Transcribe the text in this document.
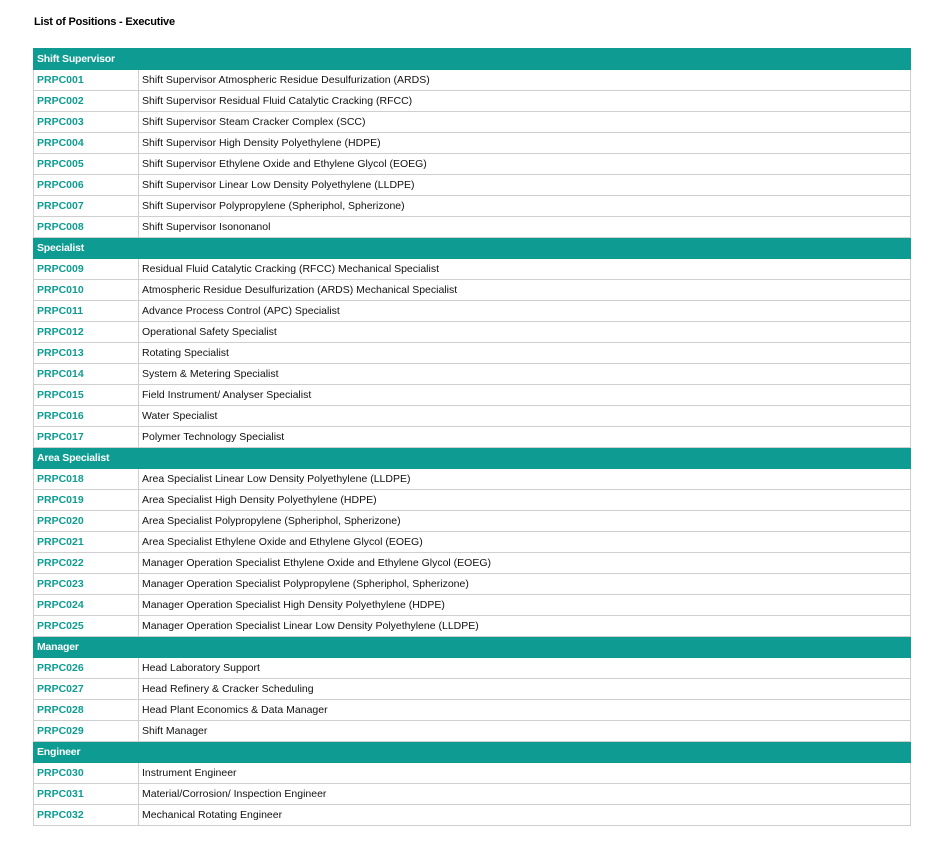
List of Positions - Executive
Shift Supervisor	
PRPC001	Shift Supervisor Atmospheric Residue Desulfurization (ARDS)
PRPC002	Shift Supervisor Residual Fluid Catalytic Cracking (RFCC)
PRPC003	Shift Supervisor Steam Cracker Complex (SCC)
PRPC004	Shift Supervisor High Density Polyethylene (HDPE)
PRPC005	Shift Supervisor Ethylene Oxide and Ethylene Glycol (EOEG)
PRPC006	Shift Supervisor Linear Low Density Polyethylene (LLDPE)
PRPC007	Shift Supervisor Polypropylene (Spheriphol, Spherizone)
PRPC008	Shift Supervisor Isononanol
Specialist	
PRPC009	Residual Fluid Catalytic Cracking (RFCC) Mechanical Specialist
PRPC010	Atmospheric Residue Desulfurization (ARDS) Mechanical Specialist
PRPC011	Advance Process Control (APC) Specialist
PRPC012	Operational Safety Specialist
PRPC013	Rotating Specialist
PRPC014	System & Metering Specialist
PRPC015	Field Instrument/ Analyser Specialist
PRPC016	Water Specialist
PRPC017	Polymer Technology Specialist
Area Specialist	
PRPC018	Area Specialist Linear Low Density Polyethylene (LLDPE)
PRPC019	Area Specialist High Density Polyethylene (HDPE)
PRPC020	Area Specialist Polypropylene (Spheriphol, Spherizone)
PRPC021	Area Specialist Ethylene Oxide and Ethylene Glycol (EOEG)
PRPC022	Manager Operation Specialist Ethylene Oxide and Ethylene Glycol (EOEG)
PRPC023	Manager Operation Specialist Polypropylene (Spheriphol, Spherizone)
PRPC024	Manager Operation Specialist High Density Polyethylene (HDPE)
PRPC025	Manager Operation Specialist Linear Low Density Polyethylene (LLDPE)
Manager	
PRPC026	Head Laboratory Support
PRPC027	Head Refinery & Cracker Scheduling
PRPC028	Head Plant Economics & Data Manager
PRPC029	Shift Manager
Engineer	
PRPC030	Instrument Engineer
PRPC031	Material/Corrosion/ Inspection Engineer
PRPC032	Mechanical Rotating Engineer
